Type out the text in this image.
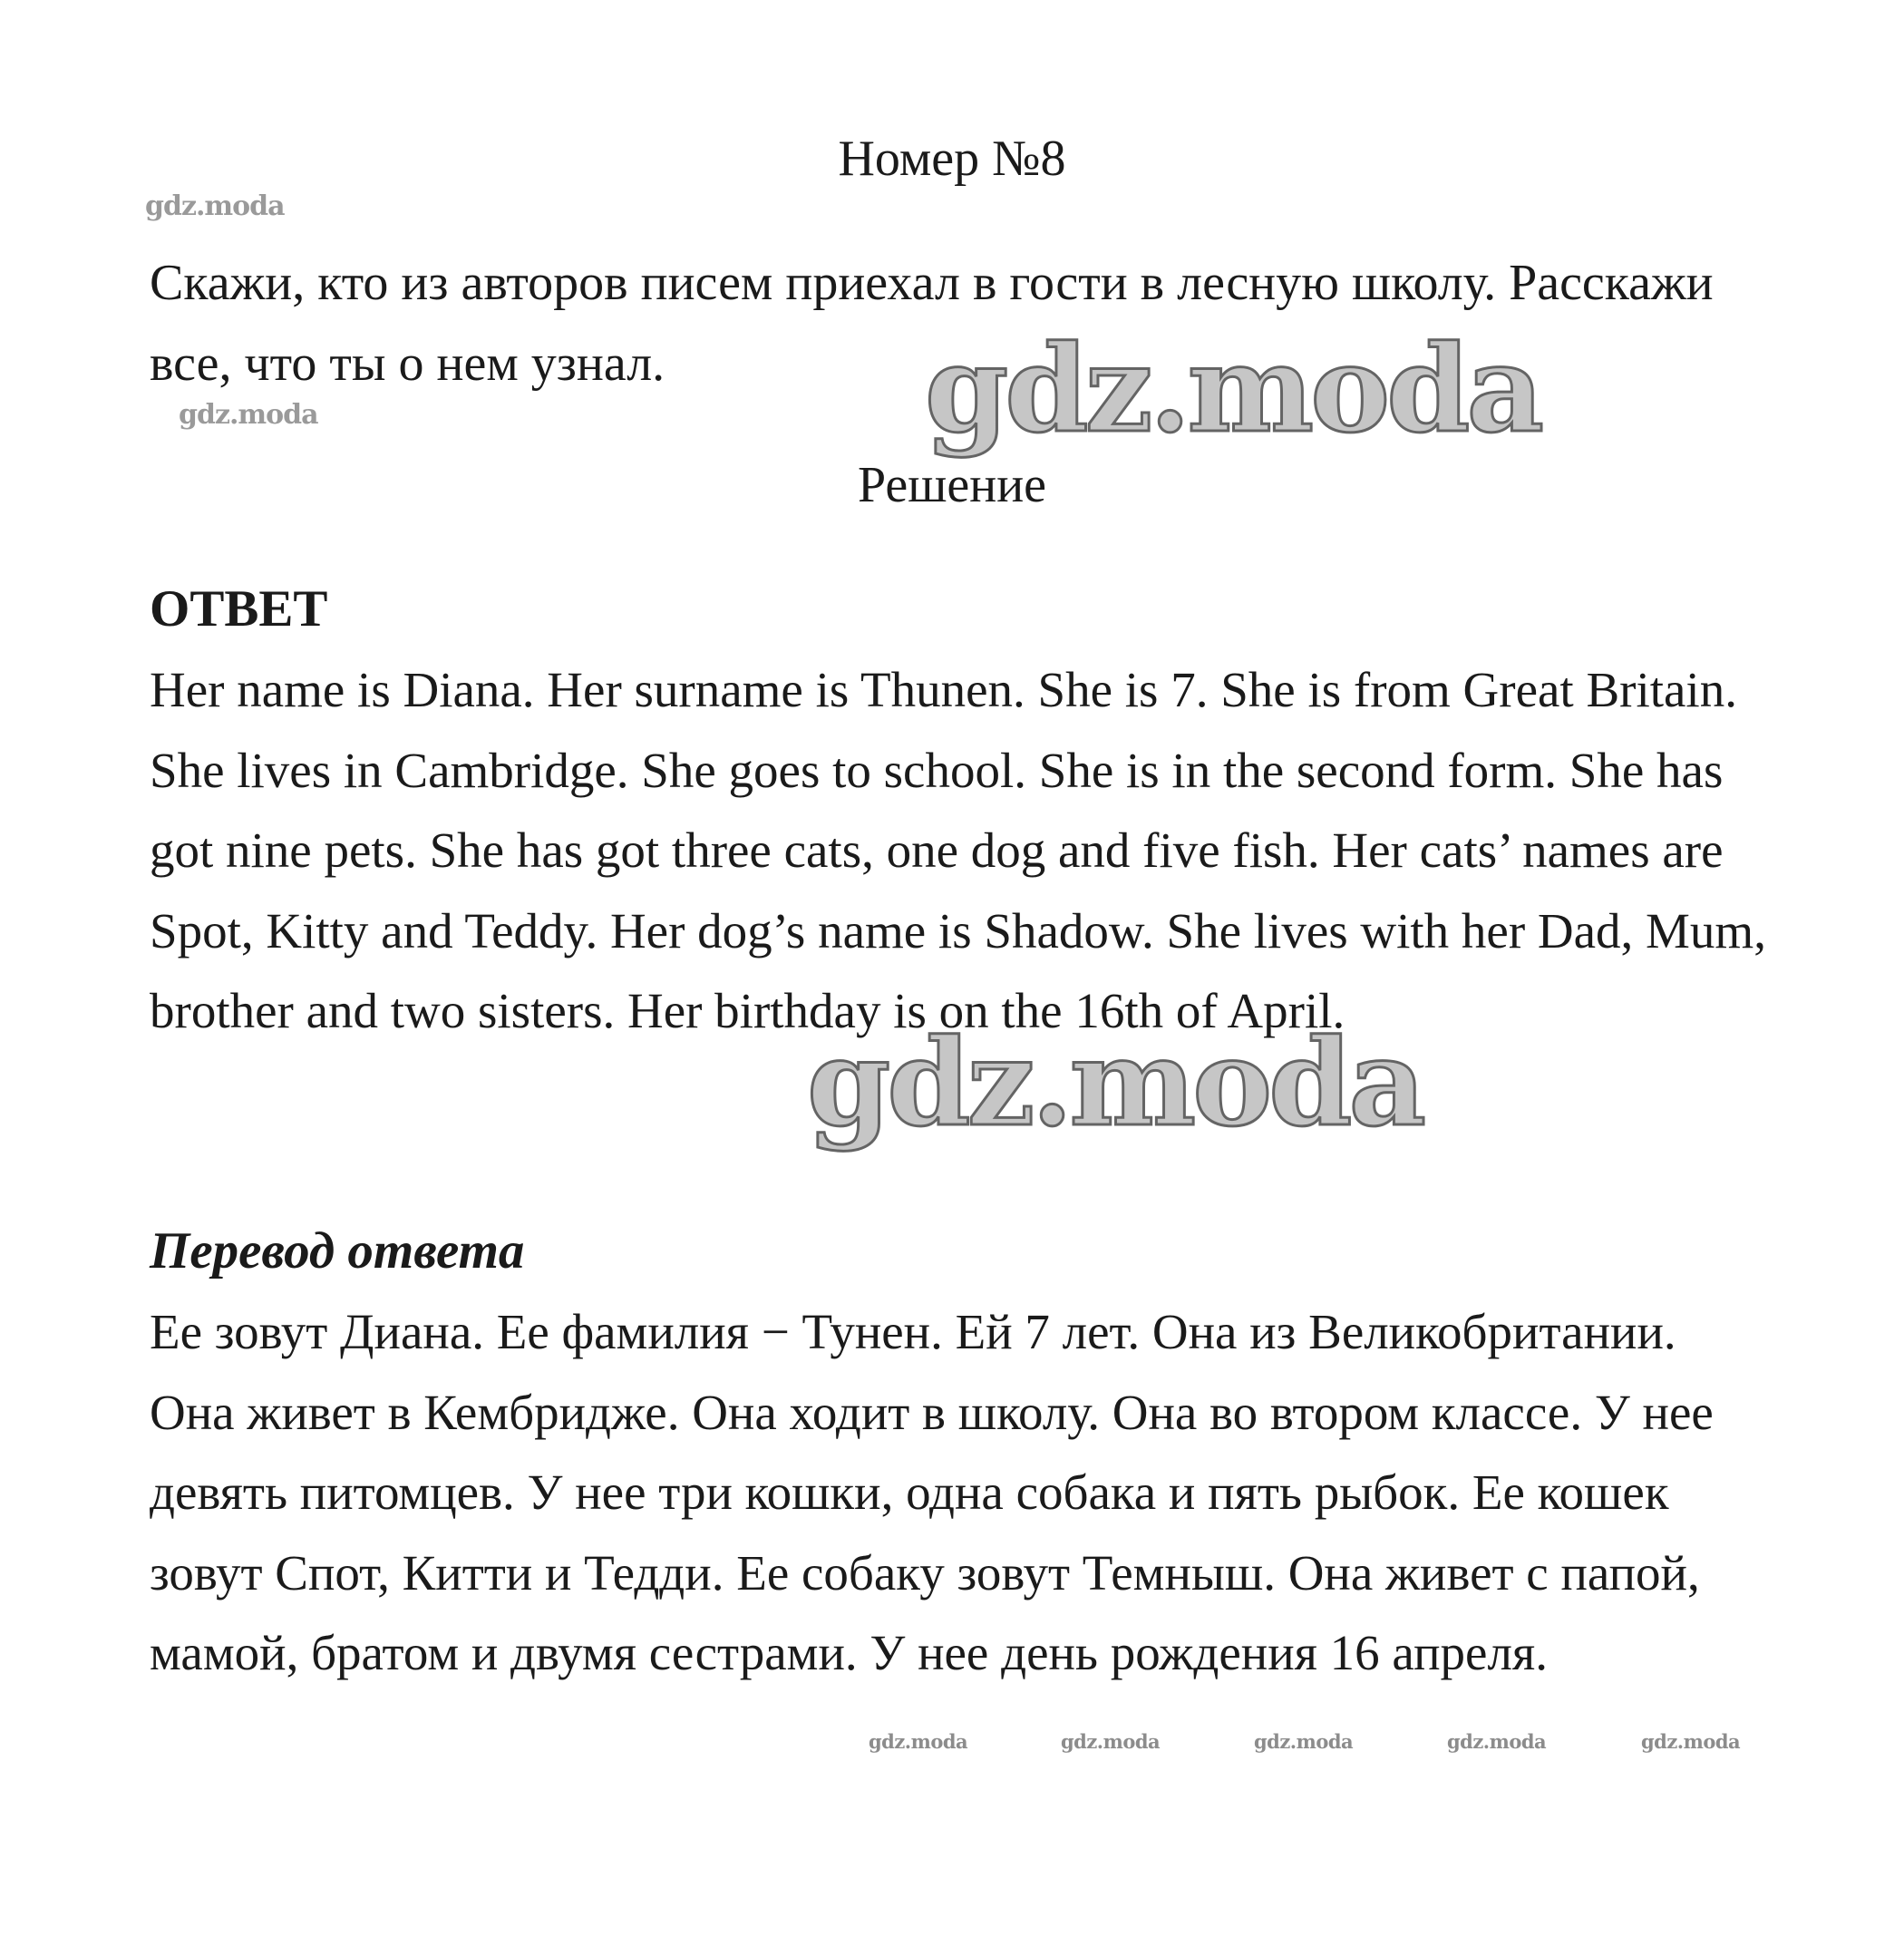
gdz.moda
Номер №8
Скажи, кто из авторов писем приехал в гости в лесную школу. Расскажи все, что ты о нем узнал.
gdz.moda	gdz.moda
Решение
ОТВЕТ
Her name is Diana. Her surname is Thunen. She is 7. She is from Great Britain. She lives in Cambridge. She goes to school. She is in the second form. She has got nine pets. She has got three cats, one dog and five fish. Her cats’ names are Spot, Kitty and Teddy. Her dog’s name is Shadow. She lives with her Dad, Mum, brother and two sisters. Her birthday is on the 16th of April.
gdz.moda
Перевод ответа
Ее зовут Диана. Ее фамилия − Тунен. Ей 7 лет. Она из Великобритании. Она живет в Кембридже. Она ходит в школу. Она во втором классе. У нее девять питомцев. У нее три кошки, одна собака и пять рыбок. Ее кошек зовут Спот, Китти и Тедди. Ее собаку зовут Темныш. Она живет с папой, мамой, братом и двумя сестрами. У нее день рождения 16 апреля.
gdz.moda	gdz.moda	gdz.moda	gdz.moda	gdz.moda
